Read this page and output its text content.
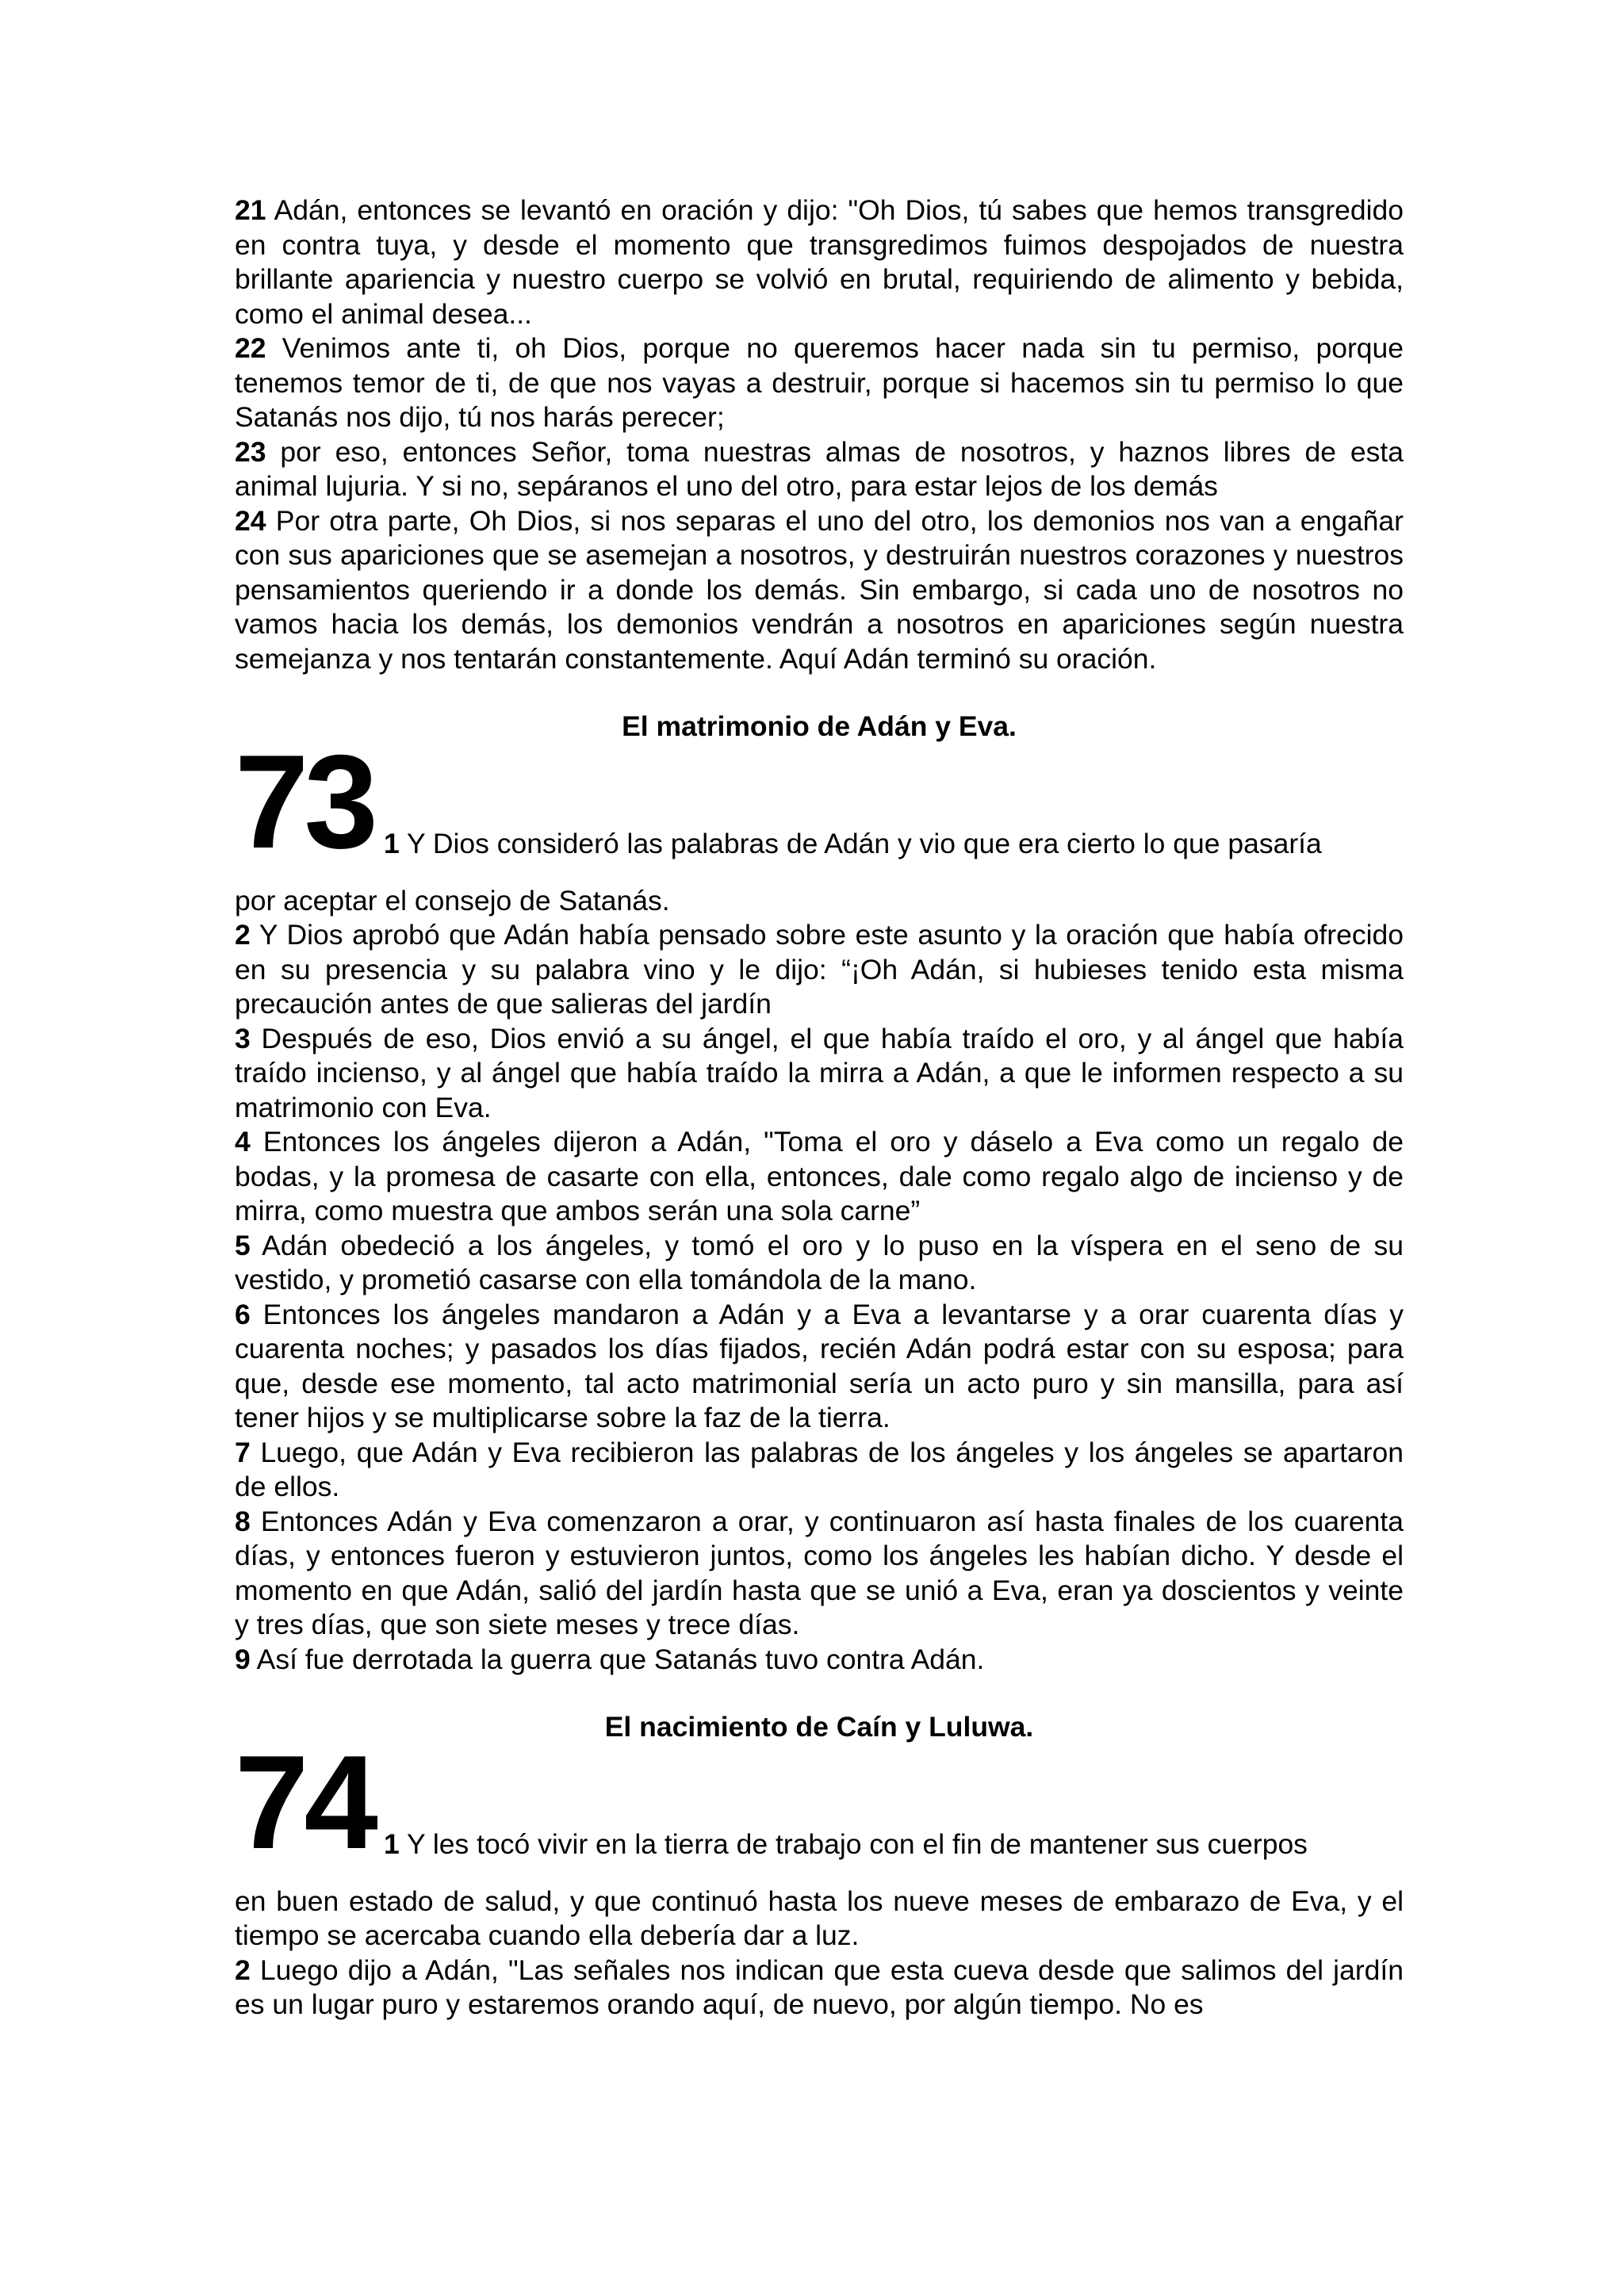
21 Adán, entonces se levantó en oración y dijo: "Oh Dios, tú sabes que hemos transgredido en contra tuya, y desde el momento que transgredimos fuimos despojados de nuestra brillante apariencia y nuestro cuerpo se volvió en brutal, requiriendo de alimento y bebida, como el animal desea...

22 Venimos ante ti, oh Dios, porque no queremos hacer nada sin tu permiso, porque tenemos temor de ti, de que nos vayas a destruir, porque si hacemos sin tu permiso lo que Satanás nos dijo, tú nos harás perecer;

23 por eso, entonces Señor, toma nuestras almas de nosotros, y haznos libres de esta animal lujuria. Y si no, sepáranos el uno del otro, para estar lejos de los demás

24 Por otra parte, Oh Dios, si nos separas el uno del otro, los demonios nos van a engañar con sus apariciones que se asemejan a nosotros, y destruirán nuestros corazones y nuestros pensamientos queriendo ir a donde los demás. Sin embargo, si cada uno de nosotros no vamos hacia los demás, los demonios vendrán a nosotros en apariciones según nuestra semejanza y nos tentarán constantemente. Aquí Adán terminó su oración.

El matrimonio de Adán y Eva.

73 1 Y Dios consideró las palabras de Adán y vio que era cierto lo que pasaría

por aceptar el consejo de Satanás.

2 Y Dios aprobó que Adán había pensado sobre este asunto y la oración que había ofrecido en su presencia y su palabra vino y le dijo: “¡Oh Adán, si hubieses tenido esta misma precaución antes de que salieras del jardín

3 Después de eso, Dios envió a su ángel, el que había traído el oro, y al ángel que había traído incienso, y al ángel que había traído la mirra a Adán, a que le informen respecto a su matrimonio con Eva.

4 Entonces los ángeles dijeron a Adán, "Toma el oro y dáselo a Eva como un regalo de bodas, y la promesa de casarte con ella, entonces, dale como regalo algo de incienso y de mirra, como muestra que ambos serán una sola carne”

5 Adán obedeció a los ángeles, y tomó el oro y lo puso en la víspera en el seno de su vestido, y prometió casarse con ella tomándola de la mano.

6 Entonces los ángeles mandaron a Adán y a Eva a levantarse y a orar cuarenta días y cuarenta noches; y pasados los días fijados, recién Adán podrá estar con su esposa; para que, desde ese momento, tal acto matrimonial sería un acto puro y sin mansilla, para así tener hijos y se multiplicarse sobre la faz de la tierra.

7 Luego, que Adán y Eva recibieron las palabras de los ángeles y los ángeles se apartaron de ellos.

8 Entonces Adán y Eva comenzaron a orar, y continuaron así hasta finales de los cuarenta días, y entonces fueron y estuvieron juntos, como los ángeles les habían dicho. Y desde el momento en que Adán, salió del jardín hasta que se unió a Eva, eran ya doscientos y veinte y tres días, que son siete meses y trece días.

9 Así fue derrotada la guerra que Satanás tuvo contra Adán.

El nacimiento de Caín y Luluwa.

74 1 Y les tocó vivir en la tierra de trabajo con el fin de mantener sus cuerpos

en buen estado de salud, y que continuó hasta los nueve meses de embarazo de Eva, y el tiempo se acercaba cuando ella debería dar a luz.

2 Luego dijo a Adán, "Las señales nos indican que esta cueva desde que salimos del jardín es un lugar puro y estaremos orando aquí, de nuevo, por algún tiempo. No es
